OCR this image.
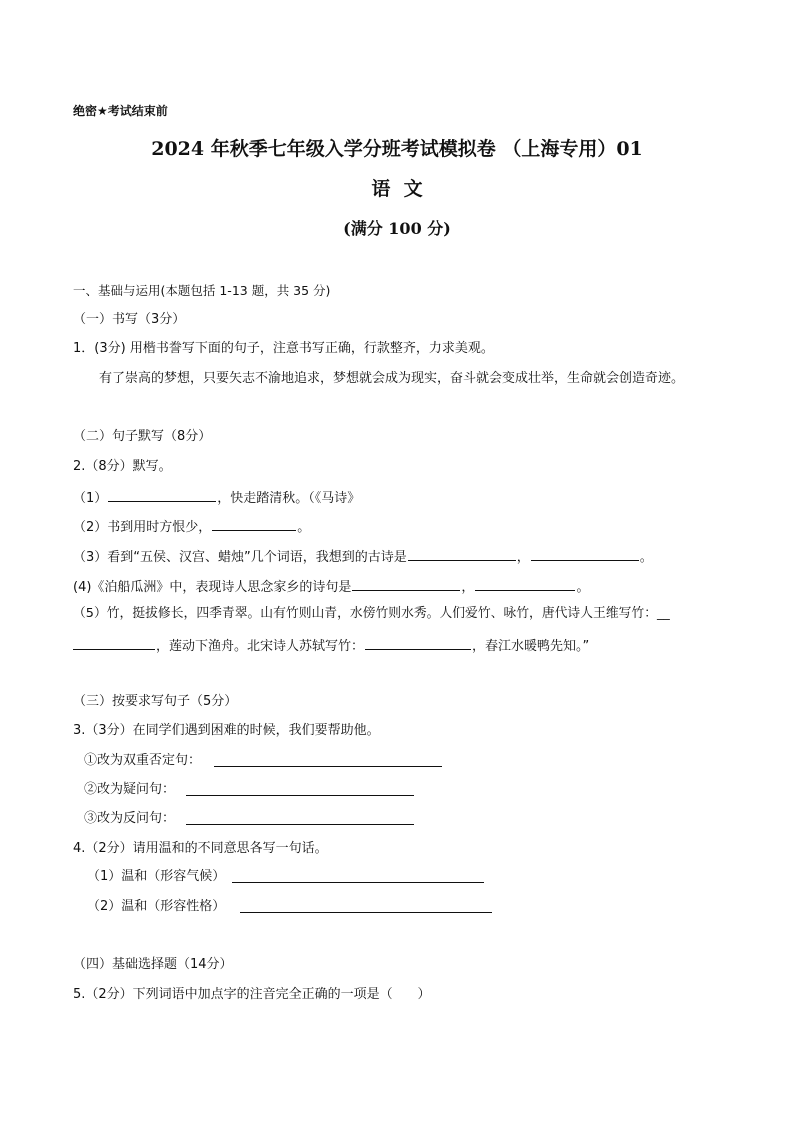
绝密★考试结束前
2024 年秋季七年级入学分班考试模拟卷 （上海专用）01
语  文
(满分 100 分)
一、基础与运用(本题包括 1-13 题，共 35 分)
（一）书写（3分）
1．(3分) 用楷书誊写下面的句子，注意书写正确，行款整齐，力求美观。
有了崇高的梦想，只要矢志不渝地追求，梦想就会成为现实，奋斗就会变成壮举，生命就会创造奇迹。
（二）句子默写（8分）
2.（8分）默写。
（1）	，快走踏清秋。（《马诗》
（2）书到用时方恨少，	。
（3）看到“五侯、汉宫、蜡烛”几个词语，我想到的古诗是	，	。
(4)《泊船瓜洲》中，表现诗人思念家乡的诗句是	，	。
（5）竹，挺拔修长，四季青翠。山有竹则山青，水傍竹则水秀。人们爱竹、咏竹，唐代诗人王维写竹：__
，莲动下渔舟。北宋诗人苏轼写竹：	，春江水暖鸭先知。”
（三）按要求写句子（5分）
3.（3分）在同学们遇到困难的时候，我们要帮助他。
①改为双重否定句：
②改为疑问句：
③改为反问句：
4.（2分）请用温和的不同意思各写一句话。
（1）温和（形容气候）
（2）温和（形容性格）
（四）基础选择题（14分）
5.（2分）下列词语中加点字的注音完全正确的一项是（      ）
